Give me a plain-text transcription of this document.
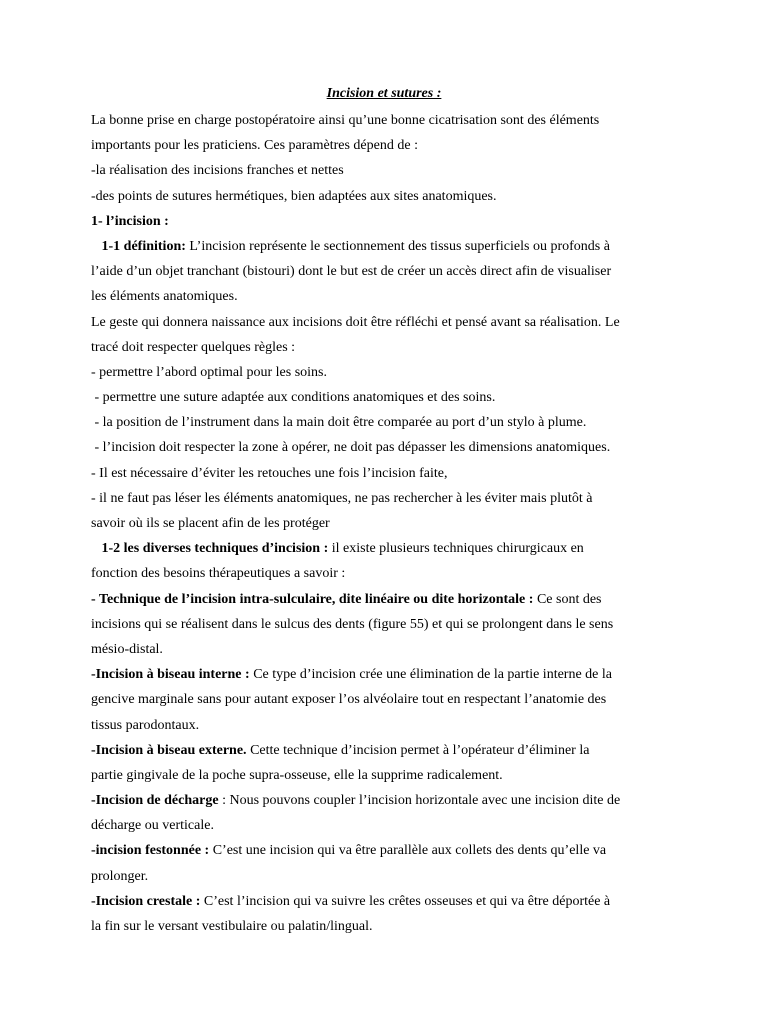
Incision et sutures :
La bonne prise en charge postopératoire ainsi qu’une bonne cicatrisation sont des éléments
importants pour les praticiens. Ces paramètres dépend de :
-la réalisation des incisions franches et nettes
-des points de sutures hermétiques, bien adaptées aux sites anatomiques.
1- l’incision :
1-1 définition: L’incision représente le sectionnement des tissus superficiels ou profonds à
l’aide d’un objet tranchant (bistouri) dont le but est de créer un accès direct afin de visualiser
les éléments anatomiques.
Le geste qui donnera naissance aux incisions doit être réfléchi et pensé avant sa réalisation. Le
tracé doit respecter quelques règles :
- permettre l’abord optimal pour les soins.
- permettre une suture adaptée aux conditions anatomiques et des soins.
- la position de l’instrument dans la main doit être comparée au port d’un stylo à plume.
- l’incision doit respecter la zone à opérer, ne doit pas dépasser les dimensions anatomiques.
- Il est nécessaire d’éviter les retouches une fois l’incision faite,
- il ne faut pas léser les éléments anatomiques, ne pas rechercher à les éviter mais plutôt à
savoir où ils se placent afin de les protéger
1-2 les diverses techniques d’incision : il existe plusieurs techniques chirurgicaux en
fonction des besoins thérapeutiques a savoir :
- Technique de l’incision intra-sulculaire, dite linéaire ou dite horizontale : Ce sont des
incisions qui se réalisent dans le sulcus des dents (figure 55) et qui se prolongent dans le sens
mésio-distal.
-Incision à biseau interne : Ce type d’incision crée une élimination de la partie interne de la
gencive marginale sans pour autant exposer l’os alvéolaire tout en respectant l’anatomie des
tissus parodontaux.
-Incision à biseau externe. Cette technique d’incision permet à l’opérateur d’éliminer la
partie gingivale de la poche supra-osseuse, elle la supprime radicalement.
-Incision de décharge : Nous pouvons coupler l’incision horizontale avec une incision dite de
décharge ou verticale.
-incision festonnée : C’est une incision qui va être parallèle aux collets des dents qu’elle va
prolonger.
-Incision crestale : C’est l’incision qui va suivre les crêtes osseuses et qui va être déportée à
la fin sur le versant vestibulaire ou palatin/lingual.
